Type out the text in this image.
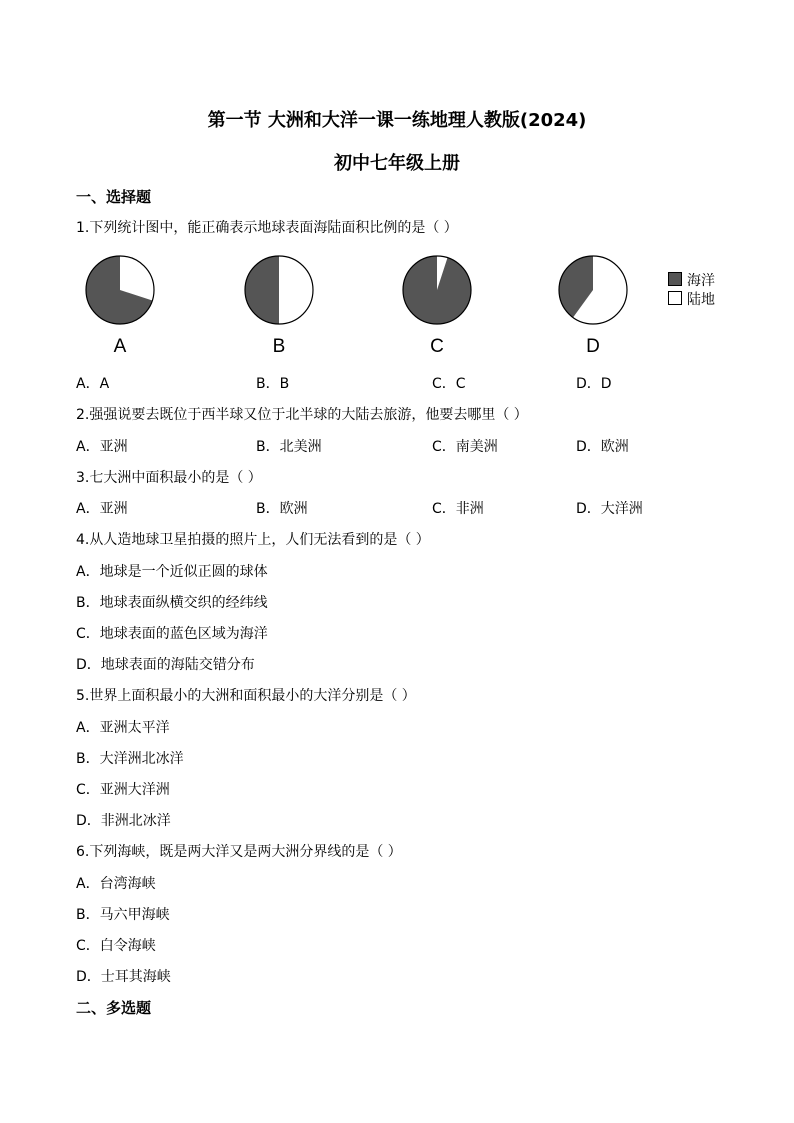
第一节 大洲和大洋一课一练地理人教版(2024)
初中七年级上册
一、选择题
1.下列统计图中，能正确表示地球表面海陆面积比例的是（ ）
A	B	C	D
海洋
陆地
A．A	B．B	C．C	D．D
2.强强说要去既位于西半球又位于北半球的大陆去旅游，他要去哪里（ ）
A．亚洲	B．北美洲	C．南美洲	D．欧洲
3.七大洲中面积最小的是（ ）
A．亚洲	B．欧洲	C．非洲	D．大洋洲
4.从人造地球卫星拍摄的照片上，人们无法看到的是（ ）
A．地球是一个近似正圆的球体
B．地球表面纵横交织的经纬线
C．地球表面的蓝色区域为海洋
D．地球表面的海陆交错分布
5.世界上面积最小的大洲和面积最小的大洋分别是（ ）
A．亚洲太平洋
B．大洋洲北冰洋
C．亚洲大洋洲
D．非洲北冰洋
6.下列海峡，既是两大洋又是两大洲分界线的是（ ）
A．台湾海峡
B．马六甲海峡
C．白令海峡
D．士耳其海峡
二、多选题
